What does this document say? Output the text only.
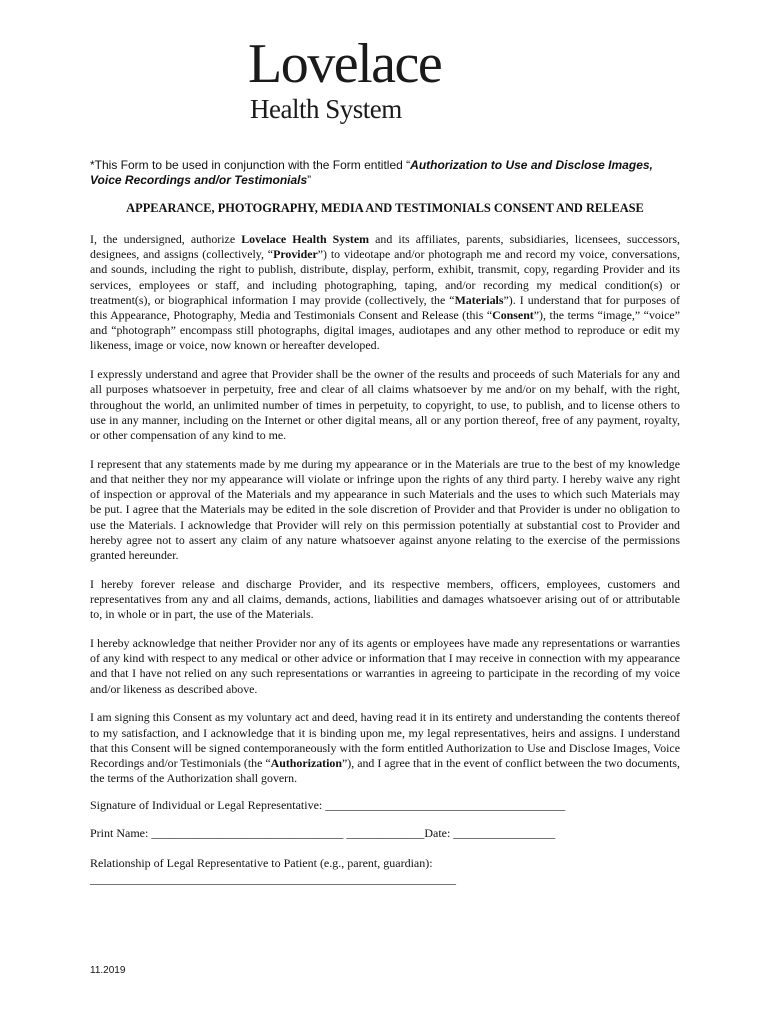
Lovelace
Health System
*This Form to be used in conjunction with the Form entitled “Authorization to Use and Disclose Images, Voice Recordings and/or Testimonials”
APPEARANCE, PHOTOGRAPHY, MEDIA AND TESTIMONIALS CONSENT AND RELEASE

I, the undersigned, authorize Lovelace Health System and its affiliates, parents, subsidiaries, licensees, successors, designees, and assigns (collectively, “Provider”) to videotape and/or photograph me and record my voice, conversations, and sounds, including the right to publish, distribute, display, perform, exhibit, transmit, copy, regarding Provider and its services, employees or staff, and including photographing, taping, and/or recording my medical condition(s) or treatment(s), or biographical information I may provide (collectively, the “Materials”). I understand that for purposes of this Appearance, Photography, Media and Testimonials Consent and Release (this “Consent”), the terms “image,” “voice” and “photograph” encompass still photographs, digital images, audiotapes and any other method to reproduce or edit my likeness, image or voice, now known or hereafter developed.

I expressly understand and agree that Provider shall be the owner of the results and proceeds of such Materials for any and all purposes whatsoever in perpetuity, free and clear of all claims whatsoever by me and/or on my behalf, with the right, throughout the world, an unlimited number of times in perpetuity, to copyright, to use, to publish, and to license others to use in any manner, including on the Internet or other digital means, all or any portion thereof, free of any payment, royalty, or other compensation of any kind to me.

I represent that any statements made by me during my appearance or in the Materials are true to the best of my knowledge and that neither they nor my appearance will violate or infringe upon the rights of any third party. I hereby waive any right of inspection or approval of the Materials and my appearance in such Materials and the uses to which such Materials may be put. I agree that the Materials may be edited in the sole discretion of Provider and that Provider is under no obligation to use the Materials. I acknowledge that Provider will rely on this permission potentially at substantial cost to Provider and hereby agree not to assert any claim of any nature whatsoever against anyone relating to the exercise of the permissions granted hereunder.

I hereby forever release and discharge Provider, and its respective members, officers, employees, customers and representatives from any and all claims, demands, actions, liabilities and damages whatsoever arising out of or attributable to, in whole or in part, the use of the Materials.

I hereby acknowledge that neither Provider nor any of its agents or employees have made any representations or warranties of any kind with respect to any medical or other advice or information that I may receive in connection with my appearance and that I have not relied on any such representations or warranties in agreeing to participate in the recording of my voice and/or likeness as described above.

I am signing this Consent as my voluntary act and deed, having read it in its entirety and understanding the contents thereof to my satisfaction, and I acknowledge that it is binding upon me, my legal representatives, heirs and assigns. I understand that this Consent will be signed contemporaneously with the form entitled Authorization to Use and Disclose Images, Voice Recordings and/or Testimonials (the “Authorization”), and I agree that in the event of conflict between the two documents, the terms of the Authorization shall govern.

Signature of Individual or Legal Representative: ________________________________________
Print Name: ________________________________ _____________Date: _________________
Relationship of Legal Representative to Patient (e.g., parent, guardian):
_____________________________________________________________
11.2019
